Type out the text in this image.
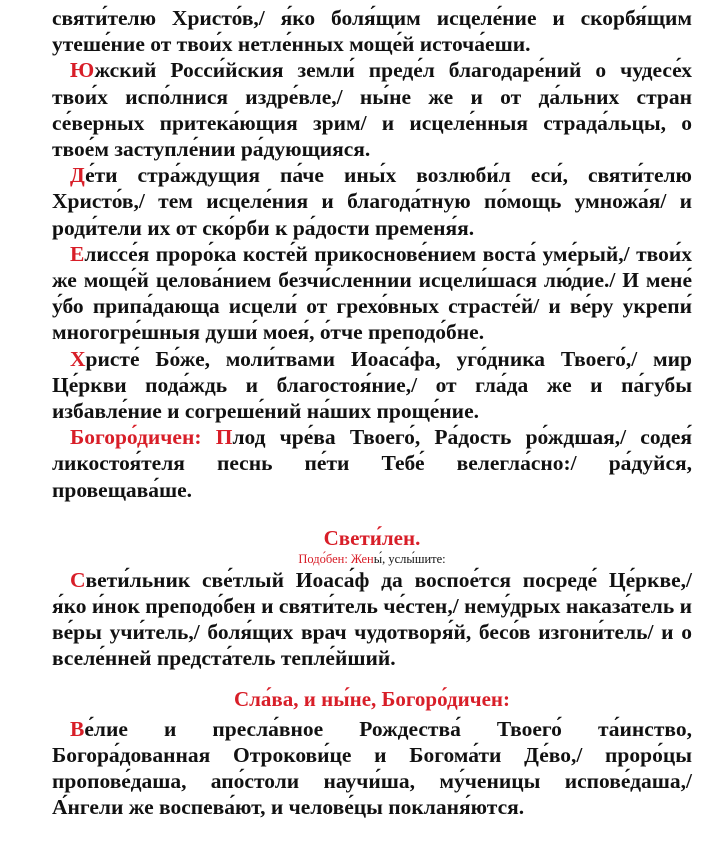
святи́телю Христо́в,/ я́ко боля́щим исцеле́ние и скорбя́щим утеше́ние от твои́х нетле́нных моще́й источа́еши.

Южский Росси́йския земли́ преде́л благодаре́ний о чудесе́х твои́х испо́лнися издре́вле,/ ны́не же и от да́льних стран се́верных притека́ющия зрим/ и исцеле́нныя страда́льцы, о твое́м заступле́нии ра́дующияся.

Де́ти стра́ждущия па́че ины́х возлюби́л еси́, святи́телю Христо́в,/ тем исцеле́ния и благода́тную по́мощь умножа́я/ и роди́тели их от ско́рби к ра́дости пременя́я.

Елиссе́я проро́ка косте́й прикоснове́нием воста́ уме́рый,/ твои́х же моще́й целова́нием безчи́сленнии исцели́шася лю́дие./ И мене́ у́бо припа́дающа исцели́ от грехо́вных страсте́й/ и ве́ру укрепи́ многогре́шныя души́ моея́, о́тче преподо́бне.

Христе́ Бо́же, моли́твами Иоаса́фа, уго́дника Твоего́,/ мир Це́ркви пода́ждь и благостоя́ние,/ от гла́да же и па́губы избавле́ние и согреше́ний на́ших проще́ние.

Богоро́дичен: Плод чре́ва Твоего́, Ра́дость ро́ждшая,/ содея́ ликостоя́теля песнь пе́ти Тебе́ велегла́сно:/ ра́дуйся, провещава́ше.

Свети́лен.

Подо́бен: Жены́, услы́шите:

Свети́льник све́тлый Иоаса́ф да воспое́тся посреде́ Це́ркве,/ я́ко и́нок преподо́бен и святи́тель че́стен,/ нему́дрых наказа́тель и ве́ры учи́тель,/ боля́щих врач чудотворя́й, бесо́в изгони́тель/ и о вселе́нней предста́тель тепле́йший.

Сла́ва, и ны́не, Богоро́дичен:

Ве́лие и пресла́вное Рождества́ Твоего́ та́инство, Богора́дованная Отрокови́це и Богома́ти Де́во,/ проро́цы пропове́даша, апо́столи научи́ша, му́ченицы испове́даша,/ А́нгели же воспева́ют, и челове́цы покланя́ются.
